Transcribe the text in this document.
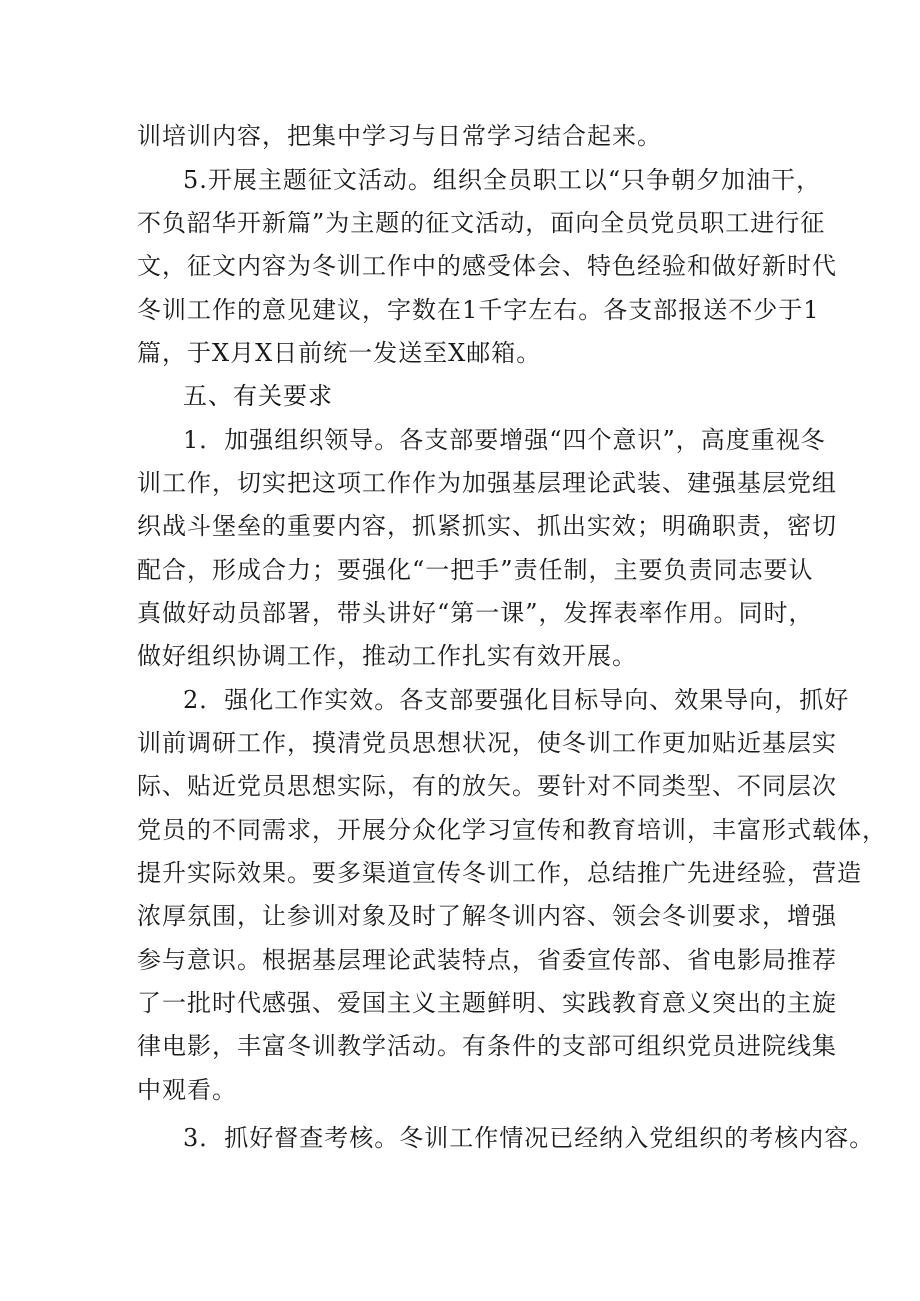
训培训内容，把集中学习与日常学习结合起来。
5.开展主题征文活动。组织全员职工以“只争朝夕加油干，
不负韶华开新篇”为主题的征文活动，面向全员党员职工进行征
文，征文内容为冬训工作中的感受体会、特色经验和做好新时代
冬训工作的意见建议，字数在1千字左右。各支部报送不少于1
篇，于X月X日前统一发送至X邮箱。
五、有关要求
1．加强组织领导。各支部要增强“四个意识”，高度重视冬
训工作，切实把这项工作作为加强基层理论武装、建强基层党组
织战斗堡垒的重要内容，抓紧抓实、抓出实效；明确职责，密切
配合，形成合力；要强化“一把手”责任制，主要负责同志要认
真做好动员部署，带头讲好“第一课”，发挥表率作用。同时，
做好组织协调工作，推动工作扎实有效开展。
2．强化工作实效。各支部要强化目标导向、效果导向，抓好
训前调研工作，摸清党员思想状况，使冬训工作更加贴近基层实
际、贴近党员思想实际，有的放矢。要针对不同类型、不同层次
党员的不同需求，开展分众化学习宣传和教育培训，丰富形式载体，
提升实际效果。要多渠道宣传冬训工作，总结推广先进经验，营造
浓厚氛围，让参训对象及时了解冬训内容、领会冬训要求，增强
参与意识。根据基层理论武装特点，省委宣传部、省电影局推荐
了一批时代感强、爱国主义主题鲜明、实践教育意义突出的主旋
律电影，丰富冬训教学活动。有条件的支部可组织党员进院线集
中观看。
3．抓好督查考核。冬训工作情况已经纳入党组织的考核内容。
